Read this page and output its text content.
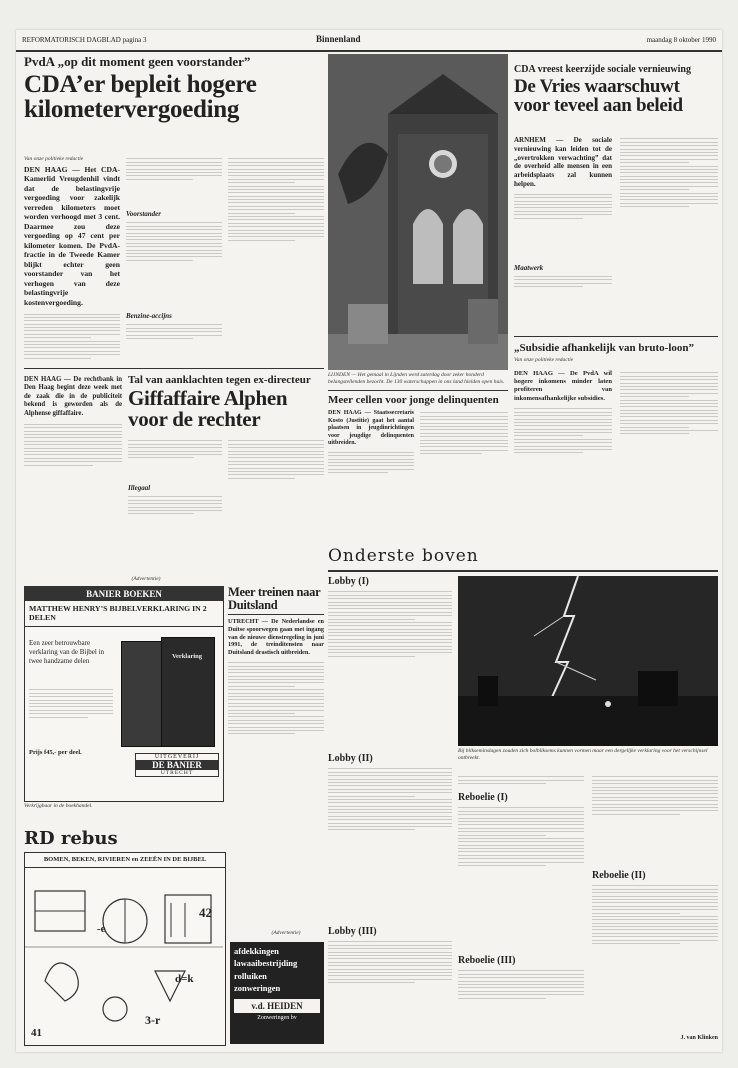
REFORMATORISCH DAGBLAD pagina 3	Binnenland	maandag 8 oktober 1990
PvdA „op dit moment geen voorstander”
CDA’er bepleit hogere kilometervergoeding
Van onze politieke redactie
DEN HAAG — Het CDA-Kamerlid Vreugdenhil vindt dat de belastingvrije vergoeding voor zakelijk verreden kilometers moet worden verhoogd met 3 cent. Daarmee zou deze vergoeding op 47 cent per kilometer komen. De PvdA-fractie in de Tweede Kamer blijkt echter geen voorstander van het verhogen van deze belastingvrije kostenvergoeding.
Voorstander
Benzine-accijns
LIJNDEN — Het gemaal in Lijnden werd zaterdag door zeker honderd belangstellenden bezocht. De 130 waterschappen in ons land hielden open huis.
CDA vreest keerzijde sociale vernieuwing
De Vries waarschuwt voor teveel aan beleid
ARNHEM — De sociale vernieuwing kan leiden tot de „overtrokken verwachting” dat de overheid alle mensen in een arbeidsplaats zal kunnen helpen.
Maatwerk
„Subsidie afhankelijk van bruto-loon”
Van onze politieke redactie
DEN HAAG — De PvdA wil hogere inkomens minder laten profiteren van inkomensafhankelijke subsidies.
Meer cellen voor jonge delinquenten
DEN HAAG — Staatssecretaris Kosto (Justitie) gaat het aantal plaatsen in jeugdinrichtingen voor jeugdige delinquenten uitbreiden.
DEN HAAG — De rechtbank in Den Haag begint deze week met de zaak die in de publiciteit bekend is geworden als de Alphense giffaffaire.
Tal van aanklachten tegen ex-directeur
Giffaffaire Alphen voor de rechter
Illegaal
(Advertentie)
BANIER BOEKEN
MATTHEW HENRY’S BIJBELVERKLARING IN 2 DELEN
Een zeer betrouwbare verklaring van de Bijbel in twee handzame delen
Prijs f45,- per deel.
Verklaring
UITGEVERIJ
DE BANIER
UTRECHT
Verkrijgbaar in de boekhandel.
Meer treinen naar Duitsland
UTRECHT — De Nederlandse en Duitse spoorwegen gaan met ingang van de nieuwe dienstregeling in juni 1991, de treinditensten naar Duitsland drastisch uitbreiden.
RD rebus
BOMEN, BEKEN, RIVIEREN en ZEEËN IN DE BIJBEL
42
41
-e
3-r
d=k
(Advertentie)
afdekkingen
lawaaibestrijding
rolluiken
zonweringen
v.d. HEIDEN
Zonweringen bv
Onderste boven
Lobby (I)
Lobby (II)
Lobby (III)
Bij blikseminslagen zouden zich bolbliksems kunnen vormen maar een dergelijke verklaring voor het verschijnsel ontbreekt.
Reboelie (I)
Reboelie (III)
Reboelie (II)
J. van Klinken
